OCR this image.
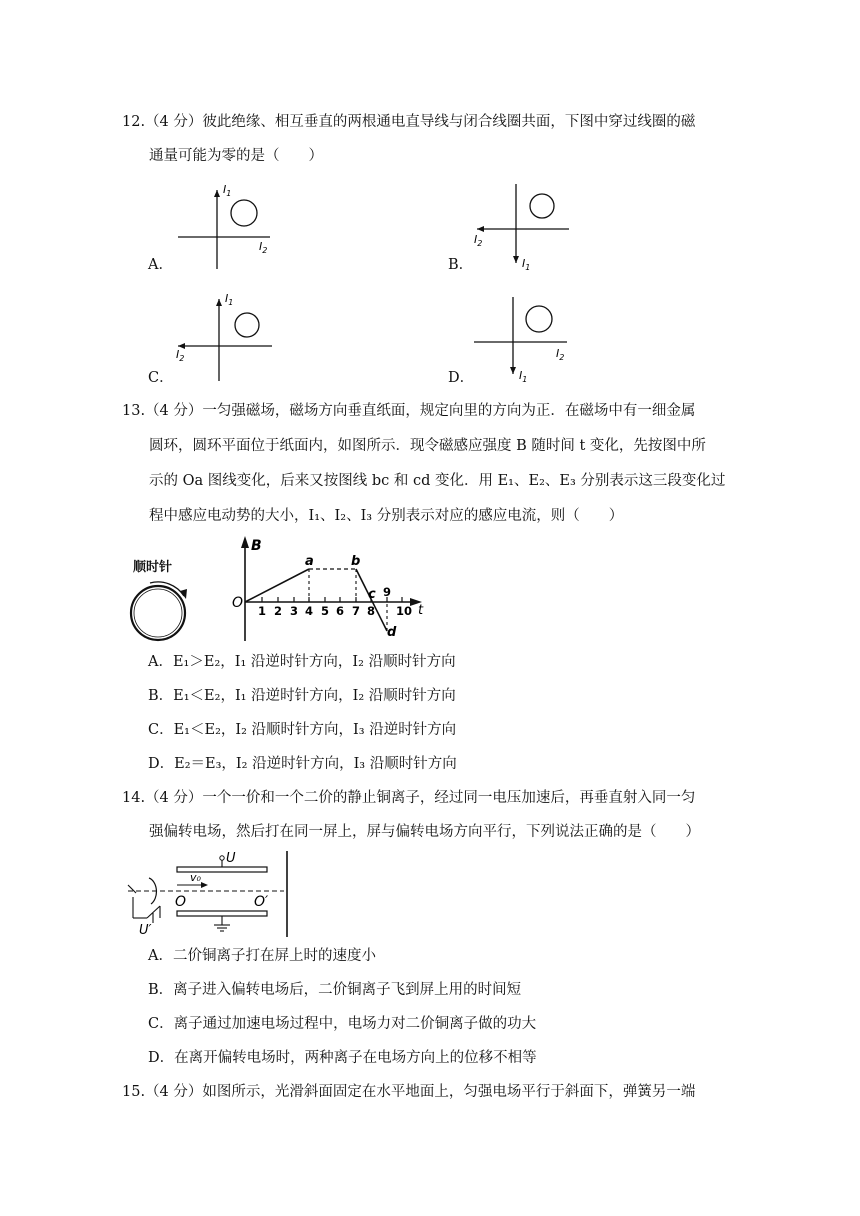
12.（4 分）彼此绝缘、相互垂直的两根通电直导线与闭合线圈共面，下图中穿过线圈的磁
通量可能为零的是（　　）
A．
$I_1$
$I_2$
B．	$I_1$
$I_2$
C．
$I_1$
$I_2$
D．	$I_1$
$I_2$
13.（4 分）一匀强磁场，磁场方向垂直纸面，规定向里的方向为正．在磁场中有一细金属
圆环，圆环平面位于纸面内，如图所示．现令磁感应强度 B 随时间 t 变化，先按图中所
示的 Oa 图线变化，后来又按图线 bc 和 cd 变化．用 E₁、E₂、E₃ 分别表示这三段变化过
程中感应电动势的大小，I₁、I₂、I₃ 分别表示对应的感应电流，则（　　）
顺时针
B
t
O 1 2 3 4 5 6 7 8
9
10
a	b
c
d
A．E₁＞E₂，I₁ 沿逆时针方向，I₂ 沿顺时针方向
B．E₁＜E₂，I₁ 沿逆时针方向，I₂ 沿顺时针方向
C．E₁＜E₂，I₂ 沿顺时针方向，I₃ 沿逆时针方向
D．E₂＝E₃，I₂ 沿逆时针方向，I₃ 沿顺时针方向
14.（4 分）一个一价和一个二价的静止铜离子，经过同一电压加速后，再垂直射入同一匀
强偏转电场，然后打在同一屏上，屏与偏转电场方向平行，下列说法正确的是（　　）
U
v₀
O	O′
U′
A．二价铜离子打在屏上时的速度小
B．离子进入偏转电场后，二价铜离子飞到屏上用的时间短
C．离子通过加速电场过程中，电场力对二价铜离子做的功大
D．在离开偏转电场时，两种离子在电场方向上的位移不相等
15.（4 分）如图所示，光滑斜面固定在水平地面上，匀强电场平行于斜面下，弹簧另一端
